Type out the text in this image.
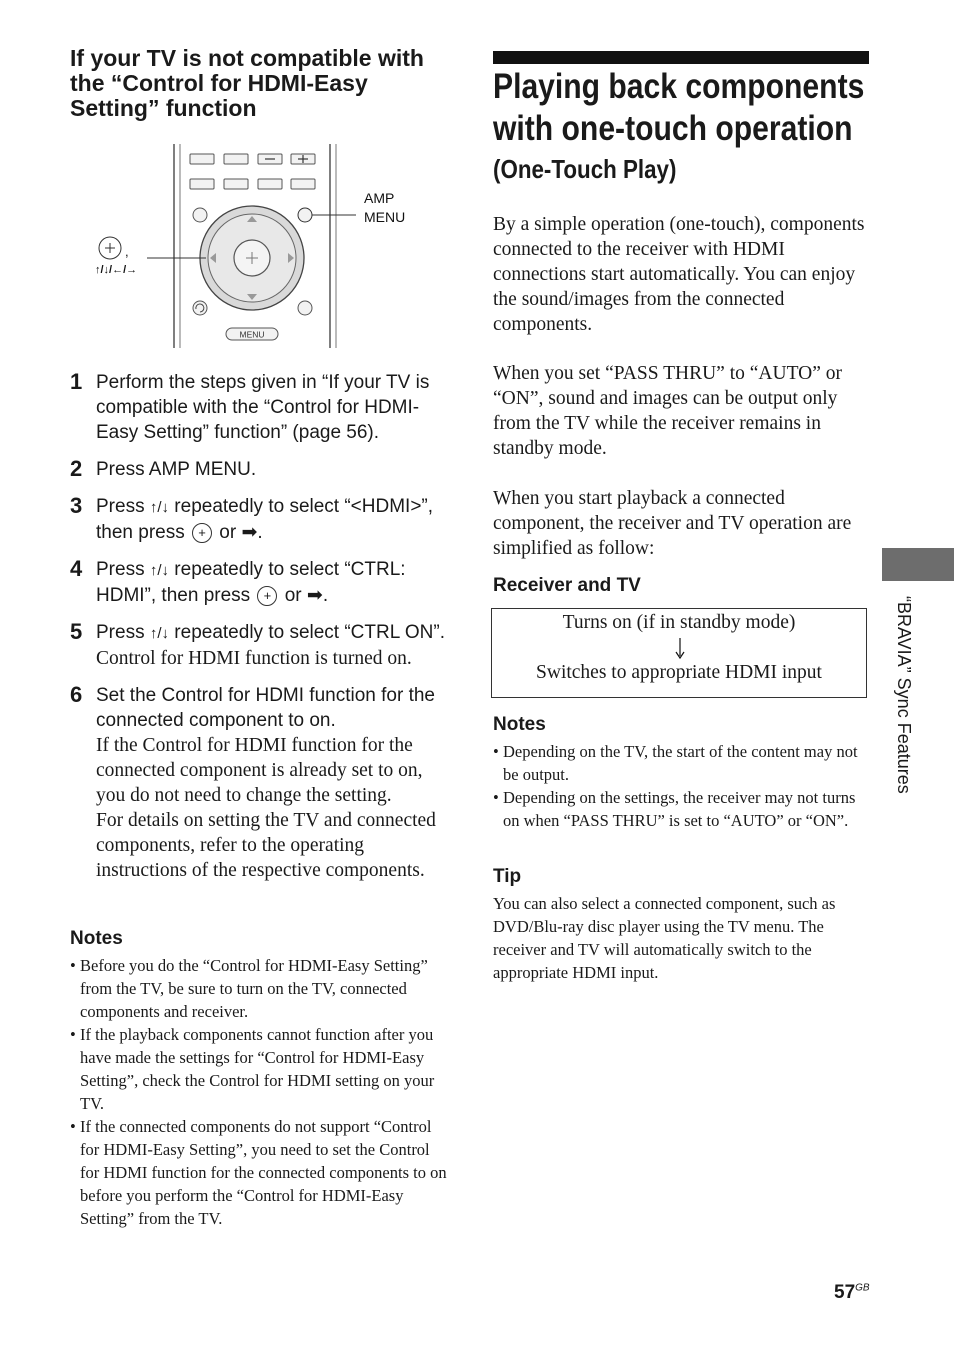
If your TV is not compatible with the “Control for HDMI-Easy Setting” function
MENU
AMP
MENU
,
↑/↓/←/→
1 Perform the steps given in “If your TV is compatible with the “Control for HDMI-Easy Setting” function” (page 56).
2 Press AMP MENU.
3 Press ↑/↓ repeatedly to select “<HDMI>”, then press + or ➡.
4 Press ↑/↓ repeatedly to select “CTRL: HDMI”, then press + or ➡.
5 Press ↑/↓ repeatedly to select “CTRL ON”.
Control for HDMI function is turned on.
6 Set the Control for HDMI function for the connected component to on.
If the Control for HDMI function for the connected component is already set to on, you do not need to change the setting.
For details on setting the TV and connected components, refer to the operating instructions of the respective components.
Notes
• Before you do the “Control for HDMI-Easy Setting” from the TV, be sure to turn on the TV, connected components and receiver.
• If the playback components cannot function after you have made the settings for “Control for HDMI-Easy Setting”, check the Control for HDMI setting on your TV.
• If the connected components do not support “Control for HDMI-Easy Setting”, you need to set the Control for HDMI function for the connected components to on before you perform the “Control for HDMI-Easy Setting” from the TV.
Playing back components
with one-touch operation
(One-Touch Play)
By a simple operation (one-touch), components connected to the receiver with HDMI connections start automatically. You can enjoy the sound/images from the connected components.
When you set “PASS THRU” to “AUTO” or “ON”, sound and images can be output only from the TV while the receiver remains in standby mode.
When you start playback a connected component, the receiver and TV operation are simplified as follow:
Receiver and TV
Turns on (if in standby mode)
Switches to appropriate HDMI input
Notes
• Depending on the TV, the start of the content may not be output.
• Depending on the settings, the receiver may not turns on when “PASS THRU” is set to “AUTO” or “ON”.
Tip
You can also select a connected component, such as DVD/Blu-ray disc player using the TV menu. The receiver and TV will automatically switch to the appropriate HDMI input.
“BRAVIA” Sync Features
$57^{GB}$
